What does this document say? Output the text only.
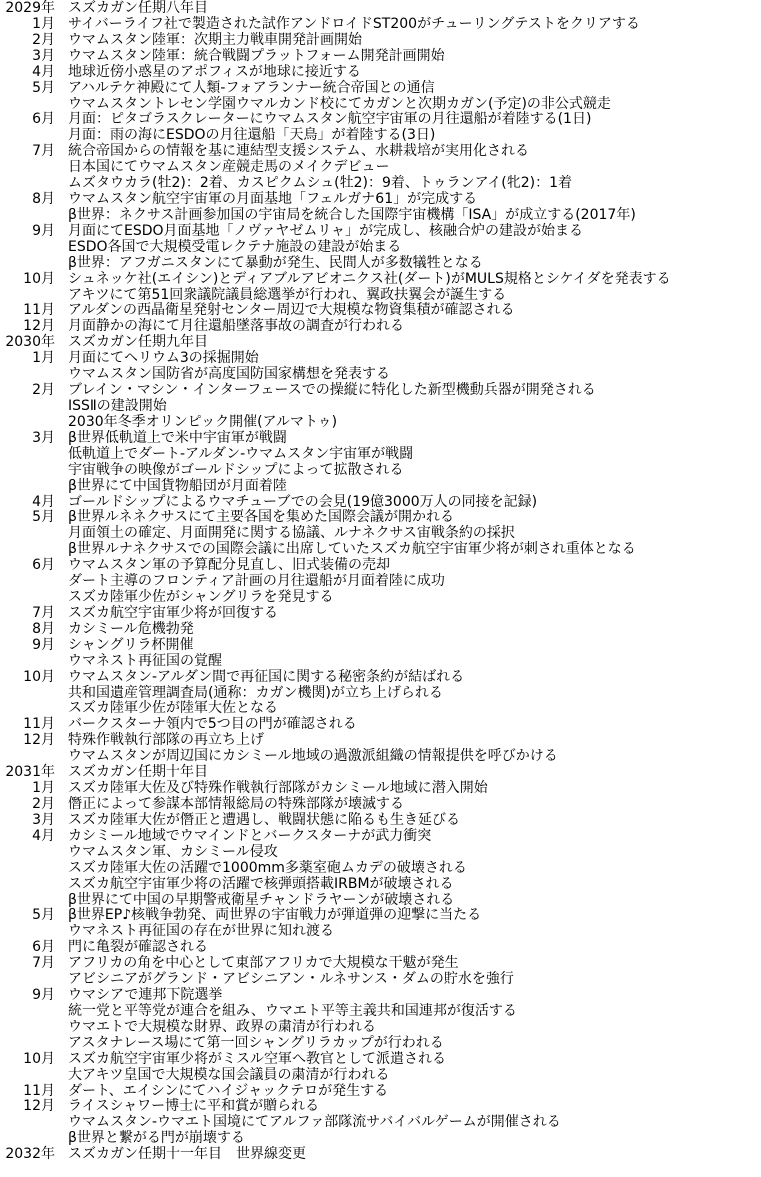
2029年 スズカガン任期八年目
1月 サイバーライフ社で製造された試作アンドロイドST200がチューリングテストをクリアする
2月 ウマムスタン陸軍：次期主力戦車開発計画開始
3月 ウマムスタン陸軍：統合戦闘プラットフォーム開発計画開始
4月 地球近傍小惑星のアポフィスが地球に接近する
5月 アハルテケ神殿にて人類-フォアランナー統合帝国との通信
ウマムスタントレセン学園ウマルカンド校にてカガンと次期カガン(予定)の非公式競走
6月 月面：ピタゴラスクレーターにウマムスタン航空宇宙軍の月往還船が着陸する(1日)
月面：雨の海にESDOの月往還船「天鳥」が着陸する(3日)
7月 統合帝国からの情報を基に連結型支援システム、水耕栽培が実用化される
日本国にてウマムスタン産競走馬のメイクデビュー
ムズタウカラ(牡2)：2着、カスピクムシュ(牡2)：9着、トゥランアイ(牝2)：1着
8月 ウマムスタン航空宇宙軍の月面基地「フェルガナ61」が完成する
β世界：ネクサス計画参加国の宇宙局を統合した国際宇宙機構「ISA」が成立する(2017年)
9月 月面にてESDO月面基地「ノヴァヤゼムリャ」が完成し、核融合炉の建設が始まる
ESDO各国で大規模受電レクテナ施設の建設が始まる
β世界：アフガニスタンにて暴動が発生、民間人が多数犠牲となる
10月 シュネッケ社(エイシン)とディアブルアビオニクス社(ダート)がMULS規格とシケイダを発表する
アキツにて第51回衆議院議員総選挙が行われ、翼政扶翼会が誕生する
11月 アルダンの西晶衛星発射センター周辺で大規模な物資集積が確認される
12月 月面静かの海にて月往還船墜落事故の調査が行われる
2030年 スズカガン任期九年目
1月 月面にてヘリウム3の採掘開始
ウマムスタン国防省が高度国防国家構想を発表する
2月 ブレイン・マシン・インターフェースでの操縦に特化した新型機動兵器が開発される
ISSⅡの建設開始
2030年冬季オリンピック開催(アルマトゥ)
3月 β世界低軌道上で米中宇宙軍が戦闘
低軌道上でダート-アルダン-ウマムスタン宇宙軍が戦闘
宇宙戦争の映像がゴールドシップによって拡散される
β世界にて中国貨物船団が月面着陸
4月 ゴールドシップによるウマチューブでの会見(19億3000万人の同接を記録)
5月 β世界ルネネクサスにて主要各国を集めた国際会議が開かれる
月面領土の確定、月面開発に関する協議、ルナネクサス宙戦条約の採択
β世界ルナネクサスでの国際会議に出席していたスズカ航空宇宙軍少将が刺され重体となる
6月 ウマムスタン軍の予算配分見直し、旧式装備の売却
ダート主導のフロンティア計画の月往還船が月面着陸に成功
スズカ陸軍少佐がシャングリラを発見する
7月 スズカ航空宇宙軍少将が回復する
8月 カシミール危機勃発
9月 シャングリラ杯開催
ウマネスト再征国の覚醒
10月 ウマムスタン-アルダン間で再征国に関する秘密条約が結ばれる
共和国遺産管理調査局(通称：カガン機関)が立ち上げられる
スズカ陸軍少佐が陸軍大佐となる
11月 バークスターナ領内で5つ目の門が確認される
12月 特殊作戦執行部隊の再立ち上げ
ウマムスタンが周辺国にカシミール地域の過激派組織の情報提供を呼びかける
2031年 スズカガン任期十年目
1月 スズカ陸軍大佐及び特殊作戦執行部隊がカシミール地域に潜入開始
2月 僭正によって参謀本部情報総局の特殊部隊が壊滅する
3月 スズカ陸軍大佐が僭正と遭遇し、戦闘状態に陥るも生き延びる
4月 カシミール地域でウマインドとバークスターナが武力衝突
ウマムスタン軍、カシミール侵攻
スズカ陸軍大佐の活躍で1000mm多薬室砲ムカデの破壊される
スズカ航空宇宙軍少将の活躍で核弾頭搭載IRBMが破壊される
β世界にて中国の早期警戒衛星チャンドラヤーンが破壊される
5月 β世界EP♪核戦争勃発、両世界の宇宙戦力が弾道弾の迎撃に当たる
ウマネスト再征国の存在が世界に知れ渡る
6月 門に亀裂が確認される
7月 アフリカの角を中心として東部アフリカで大規模な干魃が発生
アビシニアがグランド・アビシニアン・ルネサンス・ダムの貯水を強行
9月 ウマシアで連邦下院選挙
統一党と平等党が連合を組み、ウマエト平等主義共和国連邦が復活する
ウマエトで大規模な財界、政界の粛清が行われる
アスタナレース場にて第一回シャングリラカップが行われる
10月 スズカ航空宇宙軍少将がミスル空軍へ教官として派遣される
大アキツ皇国で大規模な国会議員の粛清が行われる
11月 ダート、エイシンにてハイジャックテロが発生する
12月 ライスシャワー博士に平和賞が贈られる
ウマムスタン-ウマエト国境にてアルファ部隊流サバイバルゲームが開催される
β世界と繋がる門が崩壊する
2032年 スズカガン任期十一年目　世界線変更
